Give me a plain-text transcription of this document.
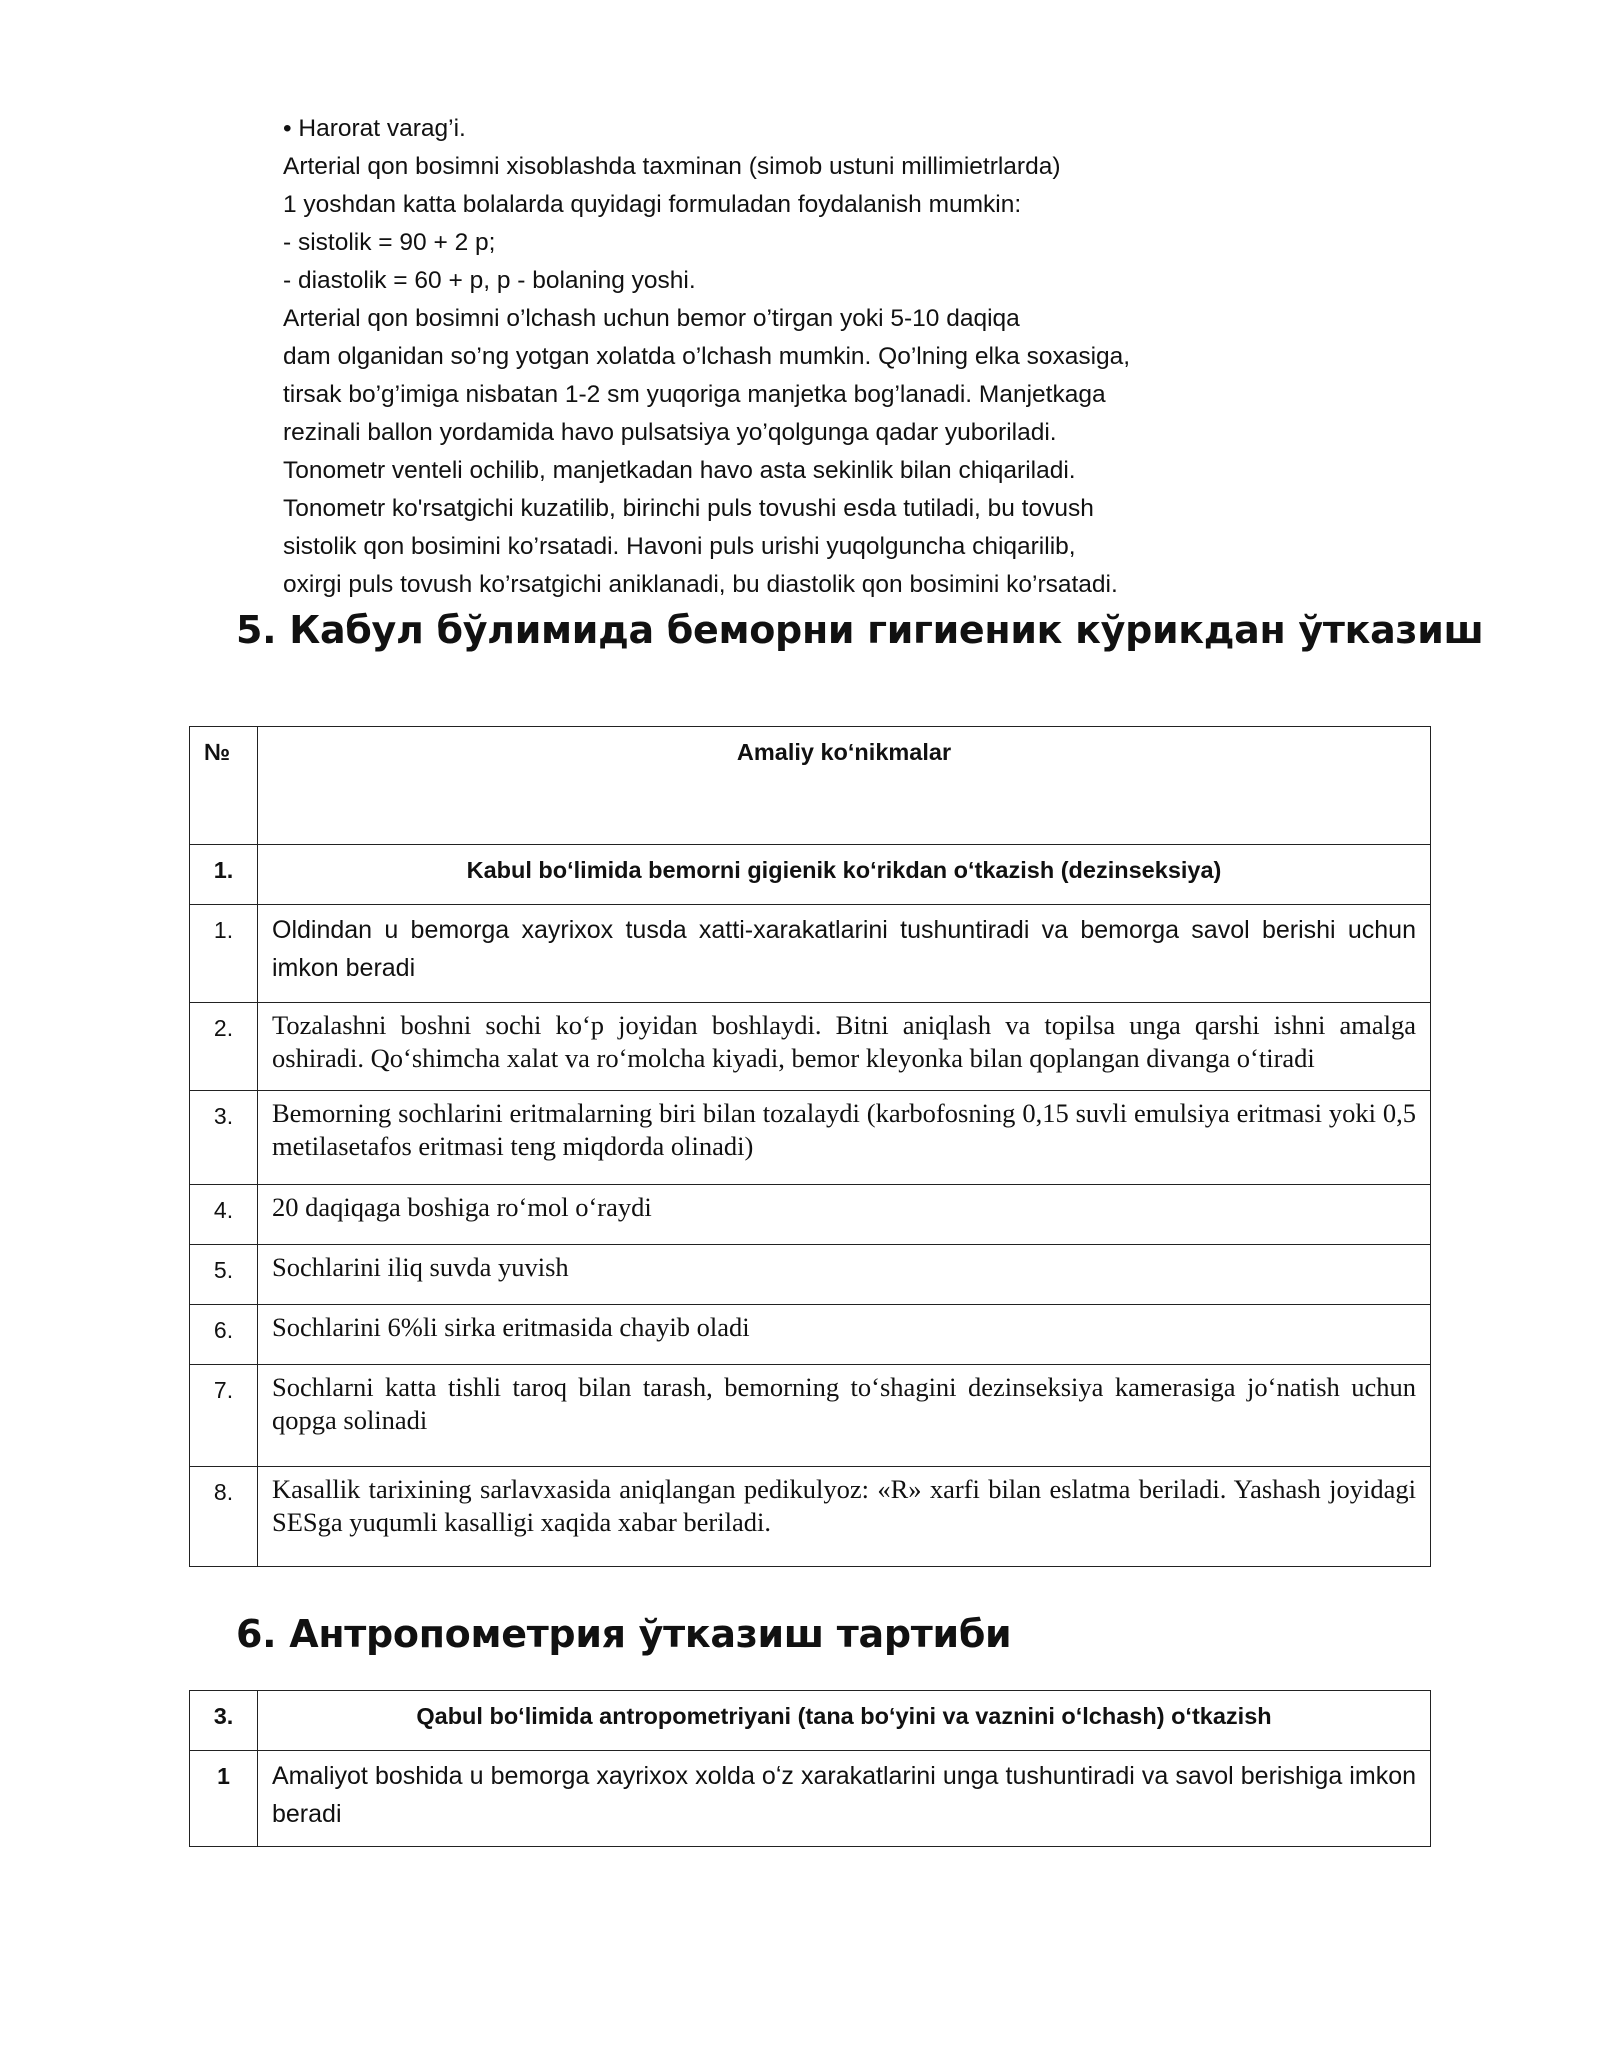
• Harorat varag’i.
Arterial qon bosimni xisoblashda taxminan (simob ustuni millimietrlarda)
1 yoshdan katta bolalarda quyidagi formuladan foydalanish mumkin:
- sistolik = 90 + 2 p;
- diastolik = 60 + p, p - bolaning yoshi.
Arterial qon bosimni o’lchash uchun bemor o’tirgan yoki 5-10 daqiqa
dam olganidan so’ng yotgan xolatda o’lchash mumkin. Qo’lning elka soxasiga,
tirsak bo’g’imiga nisbatan 1-2 sm yuqoriga manjetka bog’lanadi. Manjetkaga
rezinali ballon yordamida havo pulsatsiya yo’qolgunga qadar yuboriladi.
Tonometr venteli ochilib, manjetkadan havo asta sekinlik bilan chiqariladi.
Tonometr ko'rsatgichi kuzatilib, birinchi puls tovushi esda tutiladi, bu tovush
sistolik qon bosimini ko’rsatadi. Havoni puls urishi yuqolguncha chiqarilib,
oxirgi puls tovush ko’rsatgichi aniklanadi, bu diastolik qon bosimini ko’rsatadi.
5. Кабул бўлимида беморни гигиеник кўрикдан ўтказиш
№	Amaliy koʻnikmalar
1.	Kabul boʻlimida bemorni gigienik koʻrikdan oʻtkazish (dezinseksiya)
1.	Oldindan u bemorga xayrixox tusda xatti-xarakatlarini tushuntiradi va bemorga savol berishi uchun imkon beradi
2.	Tozalashni boshni sochi koʻp joyidan boshlaydi. Bitni aniqlash va topilsa unga qarshi ishni amalga oshiradi. Qoʻshimcha xalat va roʻmolcha kiyadi, bemor kleyonka bilan qoplangan divanga oʻtiradi
3.	Bemorning sochlarini eritmalarning biri bilan tozalaydi (karbofosning 0,15 suvli emulsiya eritmasi yoki 0,5 metilasetafos eritmasi teng miqdorda olinadi)
4.	20 daqiqaga boshiga roʻmol oʻraydi
5.	Sochlarini iliq suvda yuvish
6.	Sochlarini 6%li sirka eritmasida chayib oladi
7.	Sochlarni katta tishli taroq bilan tarash, bemorning toʻshagini dezinseksiya kamerasiga joʻnatish uchun qopga solinadi
8.	Kasallik tarixining sarlavxasida aniqlangan pedikulyoz: «R» xarfi bilan eslatma beriladi. Yashash joyidagi SESga yuqumli kasalligi xaqida xabar beriladi.
6. Антропометрия ўтказиш тартиби
3.	Qabul boʻlimida antropometriyani (tana boʻyini va vaznini oʻlchash) oʻtkazish
1	Amaliyot boshida u bemorga xayrixox xolda oʻz xarakatlarini unga tushuntiradi va savol berishiga imkon beradi
